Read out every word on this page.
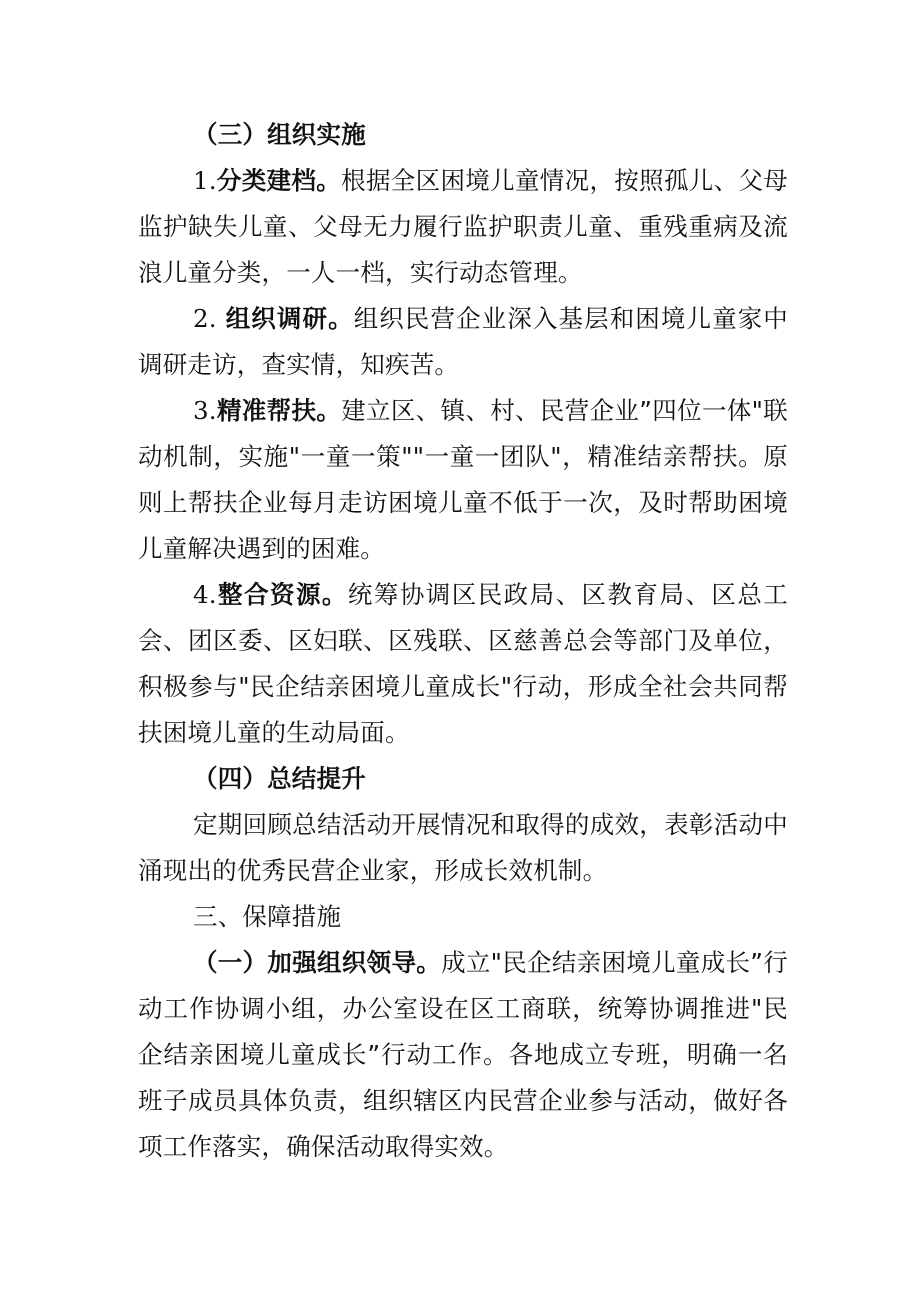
（三）组织实施

1.分类建档。根据全区困境儿童情况，按照孤儿、父母监护缺失儿童、父母无力履行监护职责儿童、重残重病及流浪儿童分类，一人一档，实行动态管理。

2. 组织调研。组织民营企业深入基层和困境儿童家中调研走访，查实情，知疾苦。

3.精准帮扶。建立区、镇、村、民营企业”四位一体"联动机制，实施"一童一策""一童一团队"，精准结亲帮扶。原则上帮扶企业每月走访困境儿童不低于一次，及时帮助困境儿童解决遇到的困难。

4.整合资源。统筹协调区民政局、区教育局、区总工会、团区委、区妇联、区残联、区慈善总会等部门及单位，积极参与"民企结亲困境儿童成长"行动，形成全社会共同帮扶困境儿童的生动局面。

（四）总结提升

定期回顾总结活动开展情况和取得的成效，表彰活动中涌现出的优秀民营企业家，形成长效机制。

三、保障措施

（一）加强组织领导。成立"民企结亲困境儿童成长”行动工作协调小组，办公室设在区工商联，统筹协调推进"民企结亲困境儿童成长”行动工作。各地成立专班，明确一名班子成员具体负责，组织辖区内民营企业参与活动，做好各项工作落实，确保活动取得实效。
